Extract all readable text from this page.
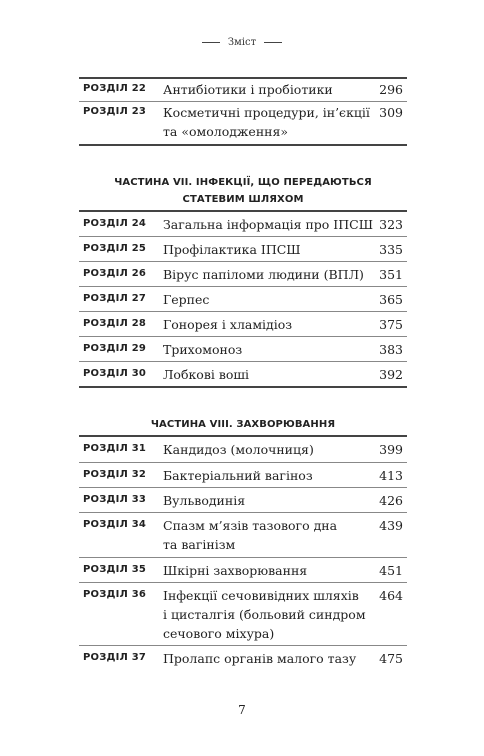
Зміст
РОЗДІЛ 22 Антибіотики і пробіотики	296
РОЗДІЛ 23 Косметичні процедури, ін’єкції
та «омолодження»
309
ЧАСТИНА VII. ІНФЕКЦІЇ, ЩО ПЕРЕДАЮТЬСЯ
СТАТЕВИМ ШЛЯХОМ
РОЗДІЛ 24 Загальна інформація про ІПСШ 323
РОЗДІЛ 25 Профілактика ІПСШ	335
РОЗДІЛ 26 Вірус папіломи людини (ВПЛ)	351
РОЗДІЛ 27 Герпес	365
РОЗДІЛ 28 Гонорея і хламідіоз	375
РОЗДІЛ 29 Трихомоноз	383
РОЗДІЛ 30 Лобкові воші	392
ЧАСТИНА VIII. ЗАХВОРЮВАННЯ
РОЗДІЛ 31 Кандидоз (молочниця)	399
РОЗДІЛ 32 Бактеріальний вагіноз	413
РОЗДІЛ 33 Вульводинія	426
РОЗДІЛ 34 Спазм м’язів тазового дна
та вагінізм
439
РОЗДІЛ 35 Шкірні захворювання	451
РОЗДІЛ 36 Інфекції сечовивідних шляхів
і цисталгія (больовий синдром
сечового міхура)
464
РОЗДІЛ 37 Пролапс органів малого тазу	475
7
